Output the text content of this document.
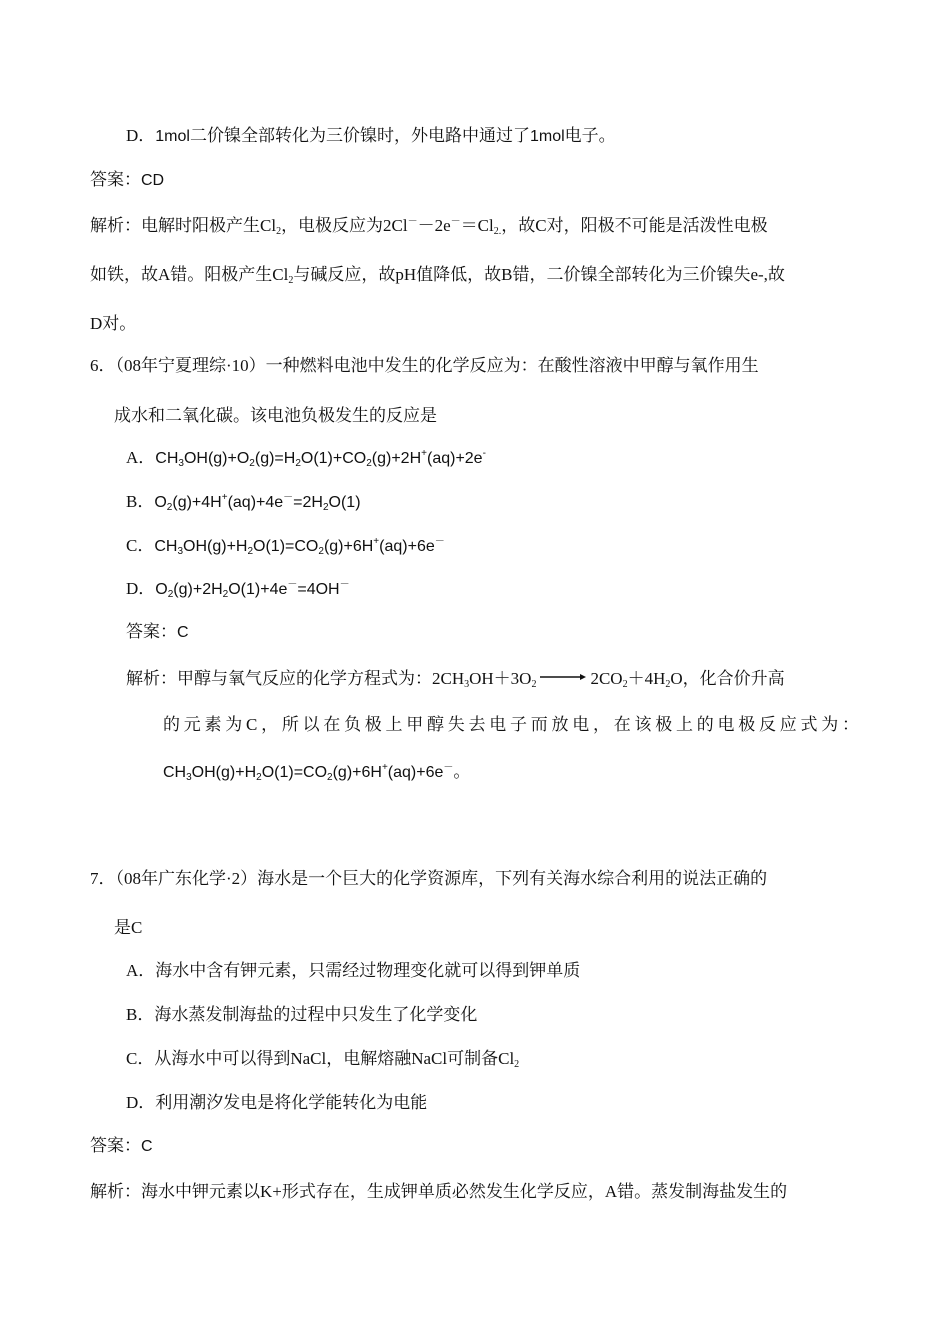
D．1mol二价镍全部转化为三价镍时，外电路中通过了1mol电子。
答案：CD
解析：电解时阳极产生$Cl_2$，电极反应为$2Cl^--2e^-=Cl_{2.}$，故C对，阳极不可能是活泼性电极
如铁，故A错。阳极产生$Cl_2$与碱反应，故pH值降低，故B错，二价镍全部转化为三价镍失e-,故
D对。
6．（08年宁夏理综·10）一种燃料电池中发生的化学反应为：在酸性溶液中甲醇与氧作用生
成水和二氧化碳。该电池负极发生的反应是
A．$CH_3OH(g)+O_2(g)=H_2O(1)+CO_2(g)+2H^+(aq)+2e^-$
B．$O_2(g)+4H^+(aq)+4e^-=2H_2O(1)$
C．$CH_3OH(g)+H_2O(1)=CO_2(g)+6H^+(aq)+6e^-$
D．$O_2(g)+2H_2O(1)+4e^-=4OH^-$
答案：C
解析：甲醇与氧气反应的化学方程式为：$2CH_3OH+3O_2 \to 2CO_2+4H_2O$，化合价升高
的元素为C，所以在负极上甲醇失去电子而放电，在该极上的电极反应式为：
$CH_3OH(g)+H_2O(1)=CO_2(g)+6H^+(aq)+6e^-$。
7．（08年广东化学·2）海水是一个巨大的化学资源库，下列有关海水综合利用的说法正确的
是C
A．海水中含有钾元素，只需经过物理变化就可以得到钾单质
B．海水蒸发制海盐的过程中只发生了化学变化
C．从海水中可以得到NaCl，电解熔融NaCl可制备$Cl_2$
D．利用潮汐发电是将化学能转化为电能
答案：C
解析：海水中钾元素以K+形式存在，生成钾单质必然发生化学反应，A错。蒸发制海盐发生的
